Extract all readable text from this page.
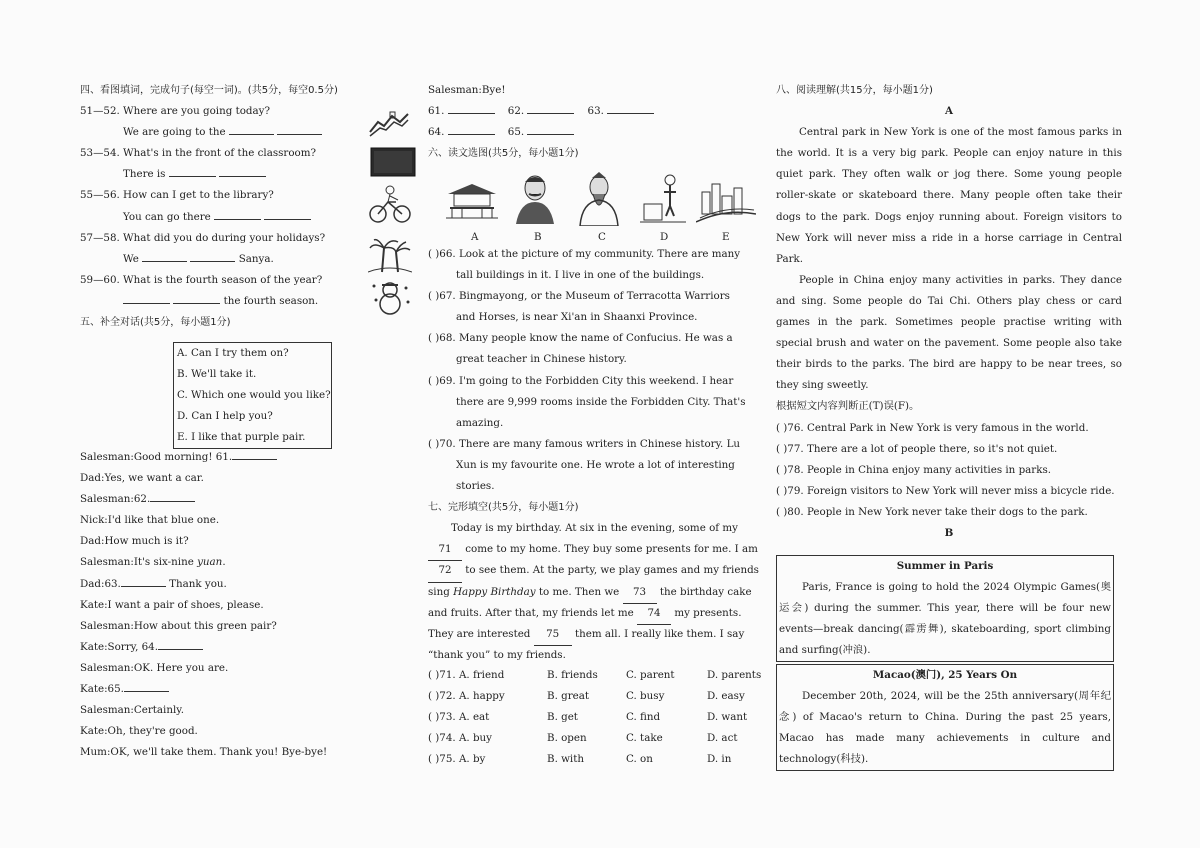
四、看图填词，完成句子(每空一词)。(共5分，每空0.5分)
51—52. Where are you going today?
We are going to the
53—54. What's in the front of the classroom?
There is
55—56. How can I get to the library?
You can go there
57—58. What did you do during your holidays?
We	Sanya.
59—60. What is the fourth season of the year?
the fourth season.
五、补全对话(共5分，每小题1分)
A. Can I try them on?
B. We'll take it.
C. Which one would you like?
D. Can I help you?
E. I like that purple pair.
Salesman:Good morning! 61.
Dad:Yes, we want a car.
Salesman:62.
Nick:I'd like that blue one.
Dad:How much is it?
Salesman:It's six-nine yuan.
Dad:63.	Thank you.
Kate:I want a pair of shoes, please.
Salesman:How about this green pair?
Kate:Sorry, 64.
Salesman:OK. Here you are.
Kate:65.
Salesman:Certainly.
Kate:Oh, they're good.
Mum:OK, we'll take them. Thank you! Bye-bye!
Salesman:Bye!
61.	62.	63.
64.	65.
六、读文选图(共5分，每小题1分)
A	B	C	D	E
( )66. Look at the picture of my community. There are many
tall buildings in it. I live in one of the buildings.
( )67. Bingmayong, or the Museum of Terracotta Warriors
and Horses, is near Xi'an in Shaanxi Province.
( )68. Many people know the name of Confucius. He was a
great teacher in Chinese history.
( )69. I'm going to the Forbidden City this weekend. I hear
there are 9,999 rooms inside the Forbidden City. That's
amazing.
( )70. There are many famous writers in Chinese history. Lu
Xun is my favourite one. He wrote a lot of interesting
stories.
七、完形填空(共5分，每小题1分)
Today is my birthday. At six in the evening, some of my
71 come to my home. They buy some presents for me. I am
72 to see them. At the party, we play games and my friends
sing Happy Birthday to me. Then we 73 the birthday cake
and fruits. After that, my friends let me 74 my presents.
They are interested 75 them all. I really like them. I say
“thank you” to my friends.
( )71. A. friend	B. friends	C. parent	D. parents
( )72. A. happy	B. great	C. busy	D. easy
( )73. A. eat	B. get	C. find	D. want
( )74. A. buy	B. open	C. take	D. act
( )75. A. by	B. with	C. on	D. in
八、阅读理解(共15分，每小题1分)
A
Central park in New York is one of the most famous parks in the world. It is a very big park. People can enjoy nature in this quiet park. They often walk or jog there. Some young people roller-skate or skateboard there. Many people often take their dogs to the park. Dogs enjoy running about. Foreign visitors to New York will never miss a ride in a horse carriage in Central Park.
People in China enjoy many activities in parks. They dance and sing. Some people do Tai Chi. Others play chess or card games in the park. Sometimes people practise writing with special brush and water on the pavement. Some people also take their birds to the parks. The bird are happy to be near trees, so they sing sweetly.
根据短文内容判断正(T)误(F)。
( )76. Central Park in New York is very famous in the world.
( )77. There are a lot of people there, so it's not quiet.
( )78. People in China enjoy many activities in parks.
( )79. Foreign visitors to New York will never miss a bicycle ride.
( )80. People in New York never take their dogs to the park.
B
Summer in Paris
Paris, France is going to hold the 2024 Olympic Games(奥运会) during the summer. This year, there will be four new events—break dancing(霹雳舞), skateboarding, sport climbing and surfing(冲浪).
Macao(澳门), 25 Years On
December 20th, 2024, will be the 25th anniversary(周年纪念) of Macao's return to China. During the past 25 years, Macao has made many achievements in culture and technology(科技).
